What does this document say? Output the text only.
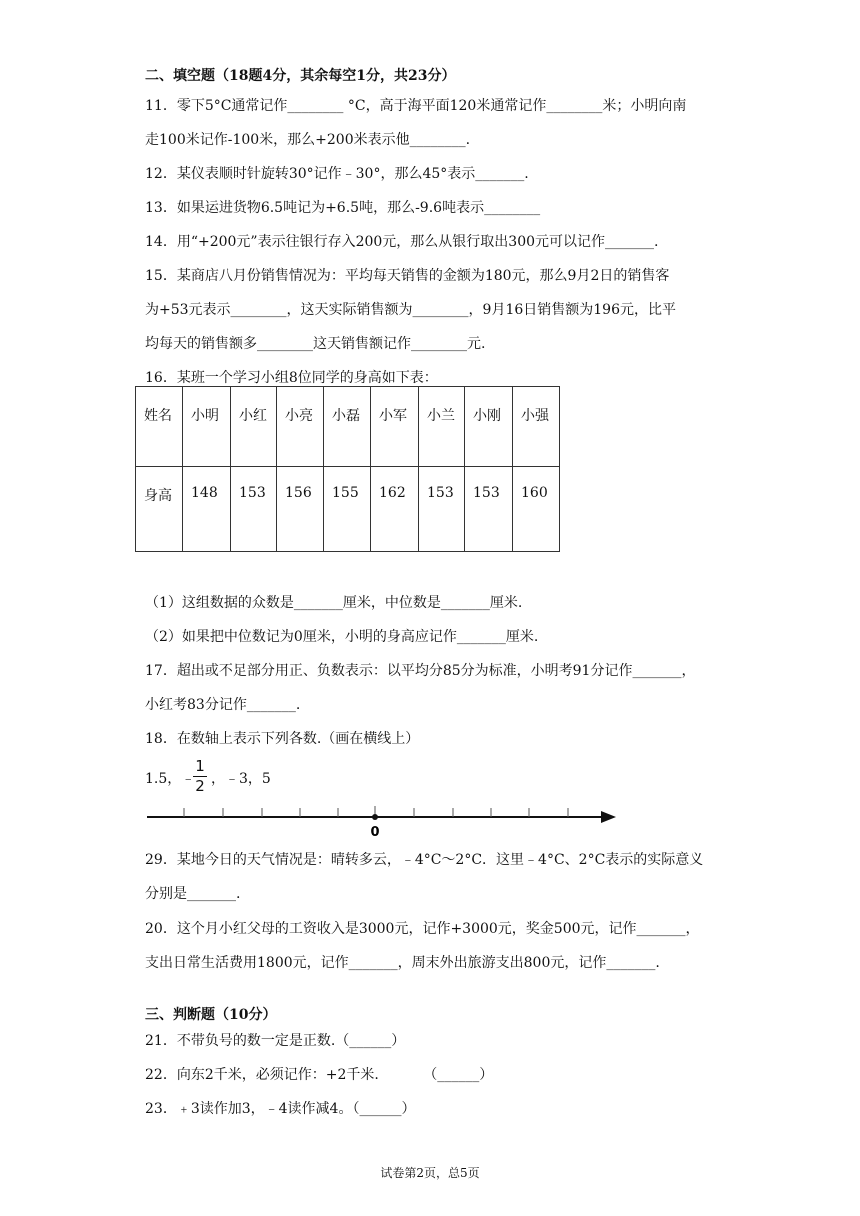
二、填空题（18题4分，其余每空1分，共23分）
11．零下5°C通常记作________ °C，高于海平面120米通常记作________米；小明向南
走100米记作-100米，那么+200米表示他________.
12．某仪表顺时针旋转30°记作﹣30°，那么45°表示_______.
13．如果运进货物6.5吨记为+6.5吨，那么-9.6吨表示________
14．用“+200元”表示往银行存入200元，那么从银行取出300元可以记作_______.
15．某商店八月份销售情况为：平均每天销售的金额为180元，那么9月2日的销售客
为+53元表示________，这天实际销售额为________，9月16日销售额为196元，比平
均每天的销售额多________这天销售额记作________元.
16．某班一个学习小组8位同学的身高如下表：
姓名	小明	小红	小亮	小磊	小军	小兰	小刚	小强
身高	148	153	156	155	162	153	153	160
（1）这组数据的众数是_______厘米，中位数是_______厘米.
（2）如果把中位数记为0厘米，小明的身高应记作_______厘米.
17．超出或不足部分用正、负数表示：以平均分85分为标准，小明考91分记作_______，
小红考83分记作_______.
18．在数轴上表示下列各数.（画在横线上）
1.5，﹣
1
2 ，﹣3，5
0
29．某地今日的天气情况是：晴转多云，﹣4°C～2°C．这里﹣4°C、2°C表示的实际意义
分别是_______.
20．这个月小红父母的工资收入是3000元，记作+3000元，奖金500元，记作_______，
支出日常生活费用1800元，记作_______，周末外出旅游支出800元，记作_______.
三、判断题（10分）
21．不带负号的数一定是正数.（______）
22．向东2千米，必须记作：+2千米.          （______）
23．﹢3读作加3，﹣4读作减4。（______）
试卷第2页，总5页
